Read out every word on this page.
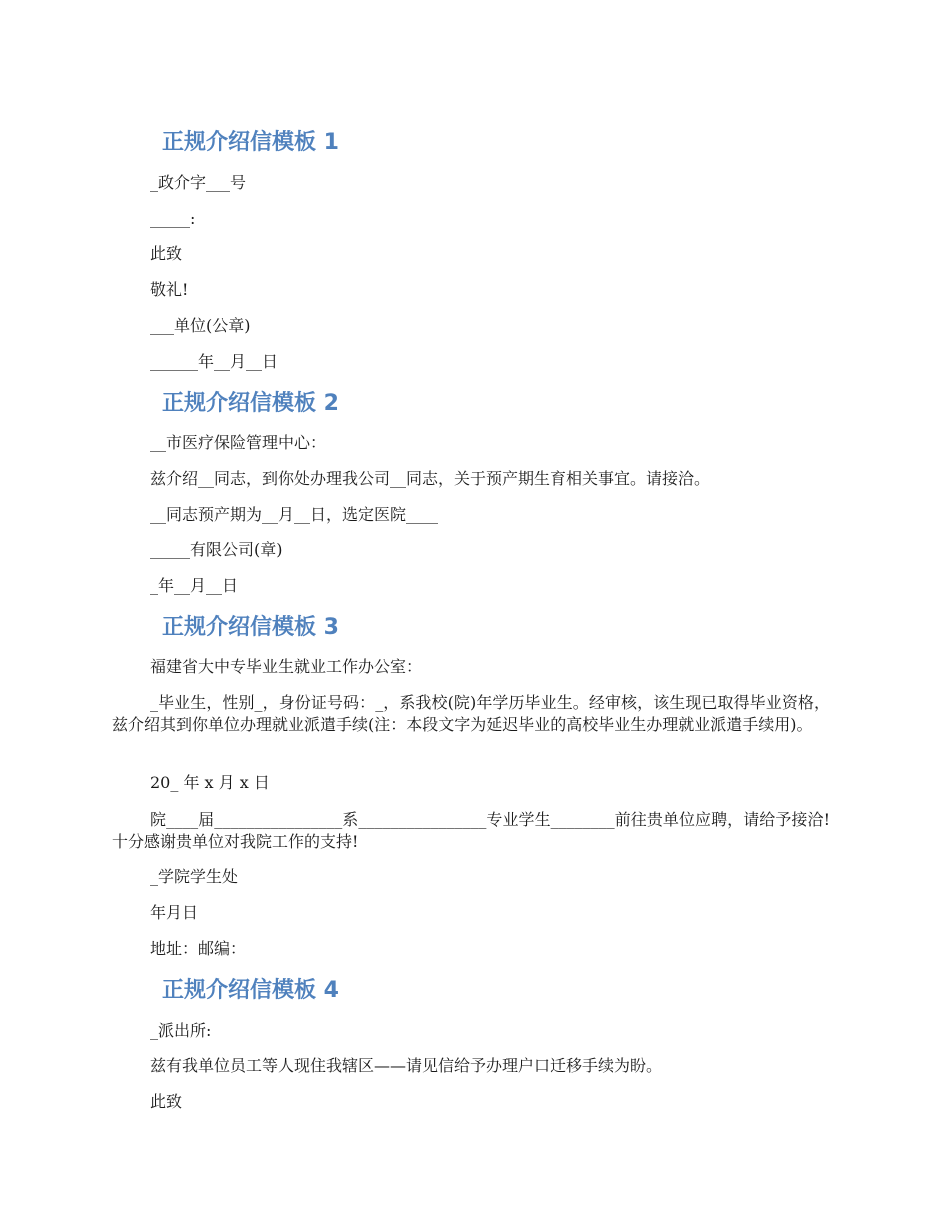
正规介绍信模板 1
_政介字___号
_____:
此致
敬礼!
___单位(公章)
______年__月__日
正规介绍信模板 2
__市医疗保险管理中心：
兹介绍__同志，到你处办理我公司__同志，关于预产期生育相关事宜。请接洽。
__同志预产期为__月__日，选定医院____
_____有限公司(章)
_年__月__日
正规介绍信模板 3
福建省大中专毕业生就业工作办公室：
_毕业生，性别_，身份证号码：_，系我校(院)年学历毕业生。经审核，该生现已取得毕业资格，兹介绍其到你单位办理就业派遣手续(注：本段文字为延迟毕业的高校毕业生办理就业派遣手续用)。
20_ 年 x 月 x 日
院____届________________系________________专业学生________前往贵单位应聘，请给予接洽!十分感谢贵单位对我院工作的支持!
_学院学生处
年月日
地址：邮编：
正规介绍信模板 4
_派出所:
兹有我单位员工等人现住我辖区——请见信给予办理户口迁移手续为盼。
此致
